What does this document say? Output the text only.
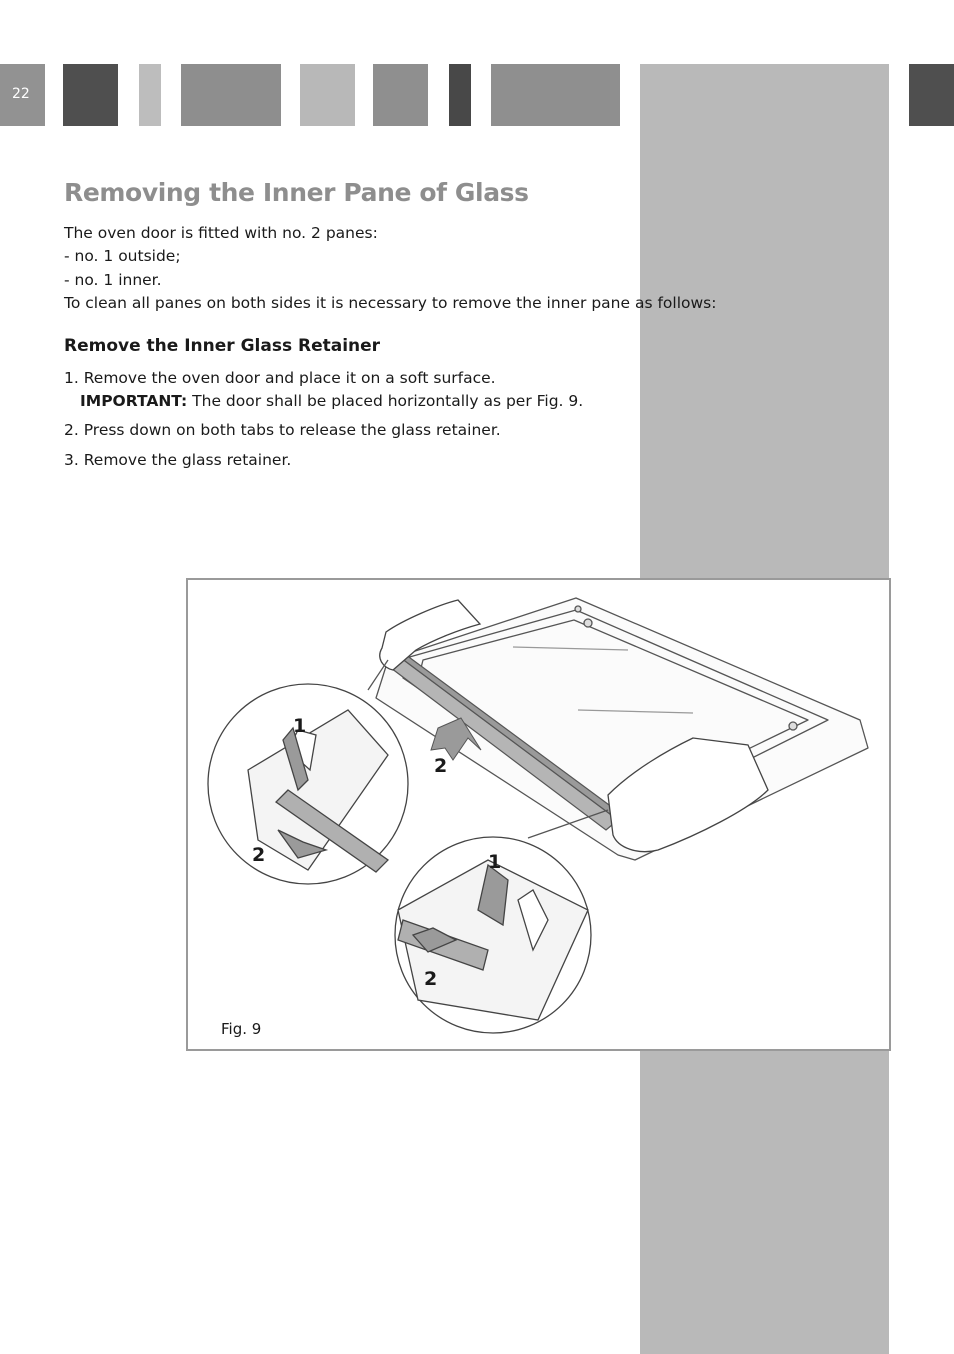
22
Removing the Inner Pane of Glass
The oven door is fitted with no. 2 panes:
- no. 1 outside;
- no. 1 inner.
To clean all panes on both sides it is necessary to remove the inner pane as follows:
Remove the Inner Glass Retainer
1. Remove the oven door and place it on a soft surface.
IMPORTANT: The door shall be placed horizontally as per Fig. 9.
2. Press down on both tabs to release the glass retainer.
3. Remove the glass retainer.
1
2
2	1
2
Fig. 9
